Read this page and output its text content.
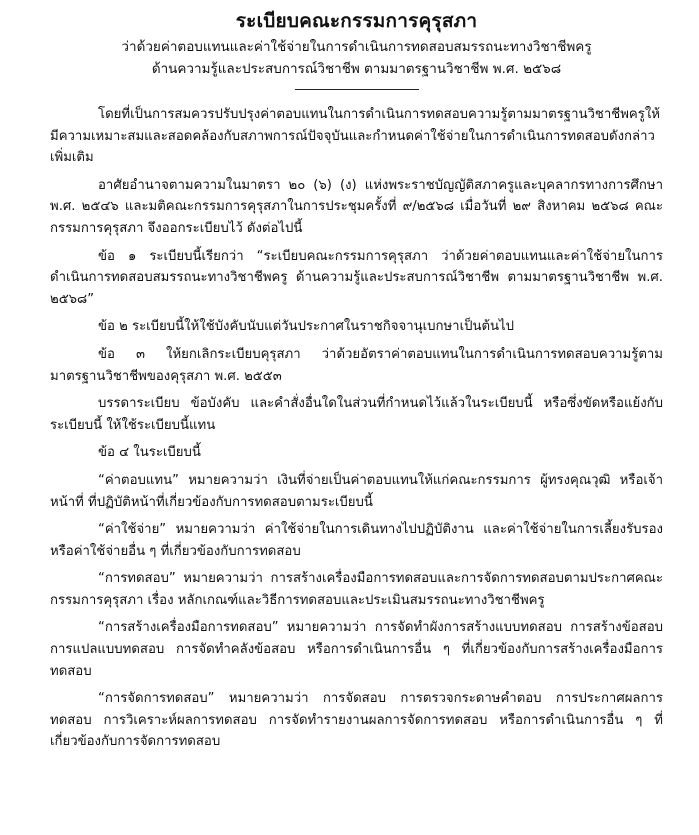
ระเบียบคณะกรรมการคุรุสภา

ว่าด้วยค่าตอบแทนและค่าใช้จ่ายในการดำเนินการทดสอบสมรรถนะทางวิชาชีพครู

ด้านความรู้และประสบการณ์วิชาชีพ ตามมาตรฐานวิชาชีพ พ.ศ. ๒๕๖๘

โดยที่เป็นการสมควรปรับปรุงค่าตอบแทนในการดำเนินการทดสอบความรู้ตามมาตรฐานวิชาชีพครูให้มีความเหมาะสมและสอดคล้องกับสภาพการณ์ปัจจุบันและกำหนดค่าใช้จ่ายในการดำเนินการทดสอบดังกล่าวเพิ่มเติม

อาศัยอำนาจตามความในมาตรา ๒๐ (๖) (ง) แห่งพระราชบัญญัติสภาครูและบุคลากรทางการศึกษา พ.ศ. ๒๕๔๖ และมติคณะกรรมการคุรุสภาในการประชุมครั้งที่ ๙/๒๕๖๘ เมื่อวันที่ ๒๙ สิงหาคม ๒๕๖๘ คณะกรรมการคุรุสภา จึงออกระเบียบไว้ ดังต่อไปนี้

ข้อ ๑ ระเบียบนี้เรียกว่า “ระเบียบคณะกรรมการคุรุสภา ว่าด้วยค่าตอบแทนและค่าใช้จ่ายในการดำเนินการทดสอบสมรรถนะทางวิชาชีพครู ด้านความรู้และประสบการณ์วิชาชีพ ตามมาตรฐานวิชาชีพ พ.ศ. ๒๕๖๘”

ข้อ ๒ ระเบียบนี้ให้ใช้บังคับนับแต่วันประกาศในราชกิจจานุเบกษาเป็นต้นไป

ข้อ ๓ ให้ยกเลิกระเบียบคุรุสภา ว่าด้วยอัตราค่าตอบแทนในการดำเนินการทดสอบความรู้ตามมาตรฐานวิชาชีพของคุรุสภา พ.ศ. ๒๕๕๓

บรรดาระเบียบ ข้อบังคับ และคำสั่งอื่นใดในส่วนที่กำหนดไว้แล้วในระเบียบนี้ หรือซึ่งขัดหรือแย้งกับระเบียบนี้ ให้ใช้ระเบียบนี้แทน

ข้อ ๔ ในระเบียบนี้

“ค่าตอบแทน” หมายความว่า เงินที่จ่ายเป็นค่าตอบแทนให้แก่คณะกรรมการ ผู้ทรงคุณวุฒิ หรือเจ้าหน้าที่ ที่ปฏิบัติหน้าที่เกี่ยวข้องกับการทดสอบตามระเบียบนี้

“ค่าใช้จ่าย” หมายความว่า ค่าใช้จ่ายในการเดินทางไปปฏิบัติงาน และค่าใช้จ่ายในการเลี้ยงรับรองหรือค่าใช้จ่ายอื่น ๆ ที่เกี่ยวข้องกับการทดสอบ

“การทดสอบ” หมายความว่า การสร้างเครื่องมือการทดสอบและการจัดการทดสอบตามประกาศคณะกรรมการคุรุสภา เรื่อง หลักเกณฑ์และวิธีการทดสอบและประเมินสมรรถนะทางวิชาชีพครู

“การสร้างเครื่องมือการทดสอบ” หมายความว่า การจัดทำผังการสร้างแบบทดสอบ การสร้างข้อสอบ การแปลแบบทดสอบ การจัดทำคลังข้อสอบ หรือการดำเนินการอื่น ๆ ที่เกี่ยวข้องกับการสร้างเครื่องมือการทดสอบ

“การจัดการทดสอบ” หมายความว่า การจัดสอบ การตรวจกระดาษคำตอบ การประกาศผลการทดสอบ การวิเคราะห์ผลการทดสอบ การจัดทำรายงานผลการจัดการทดสอบ หรือการดำเนินการอื่น ๆ ที่เกี่ยวข้องกับการจัดการทดสอบ
